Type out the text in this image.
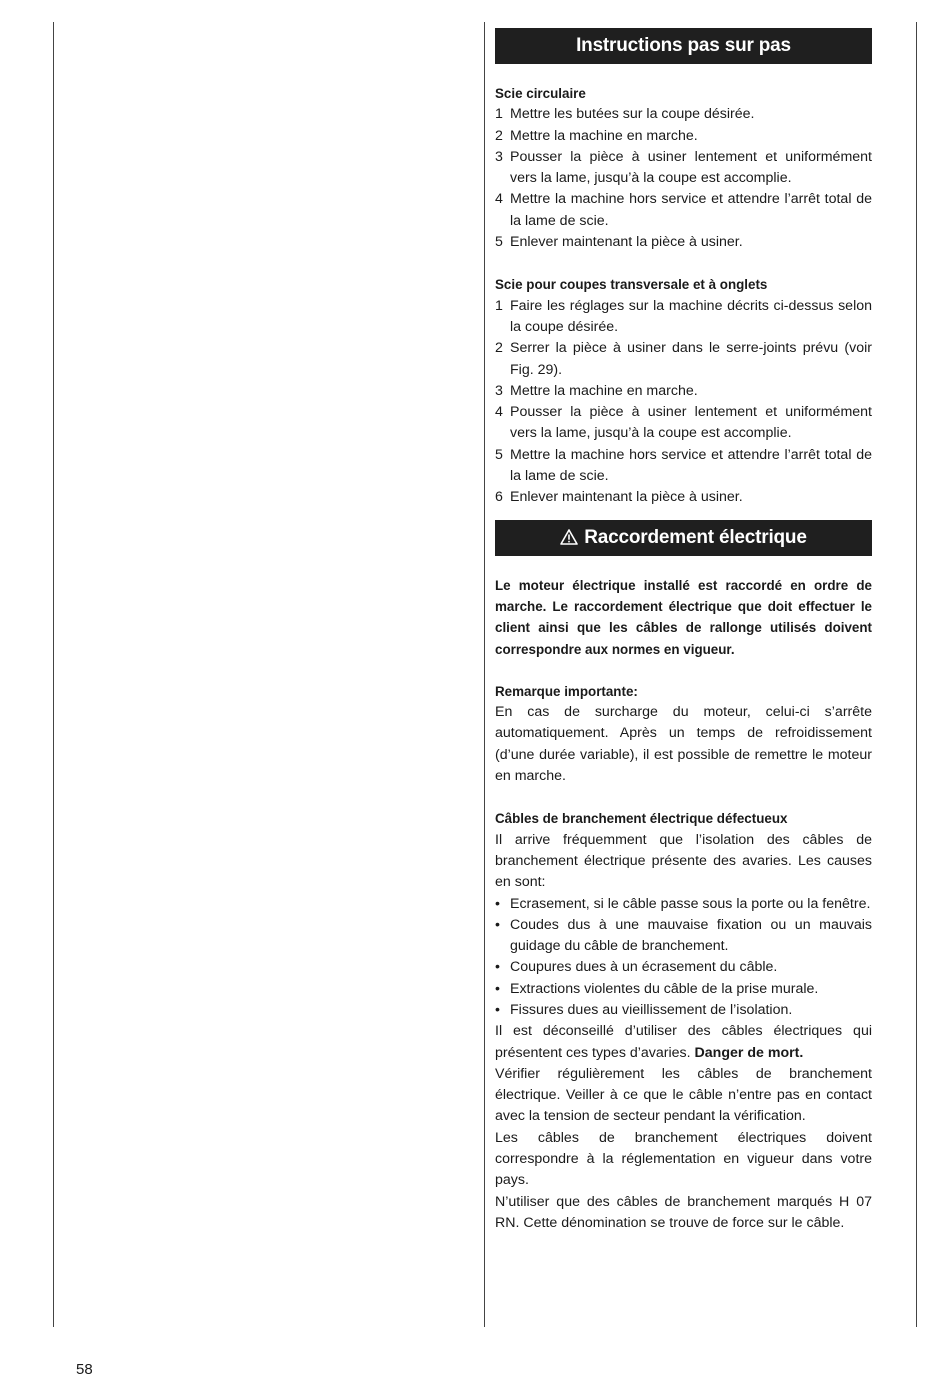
Instructions pas sur pas
Scie circulaire
1 Mettre les butées sur la coupe désirée.
2 Mettre la machine en marche.
3 Pousser la pièce à usiner lentement et uniformément vers la lame, jusqu’à la coupe est accomplie.
4 Mettre la machine hors service et attendre l’arrêt total de la lame de scie.
5 Enlever maintenant la pièce à usiner.
Scie pour coupes transversale et à onglets
1 Faire les réglages sur la machine décrits ci-dessus selon la coupe désirée.
2 Serrer la pièce à usiner dans le serre-joints prévu (voir Fig. 29).
3 Mettre la machine en marche.
4 Pousser la pièce à usiner lentement et uniformément vers la lame, jusqu’à la coupe est accomplie.
5 Mettre la machine hors service et attendre l’arrêt total de la lame de scie.
6 Enlever maintenant la pièce à usiner.
Raccordement électrique
Le moteur électrique installé est raccordé en ordre de marche. Le raccordement électrique que doit effectuer le client ainsi que les câbles de rallonge utilisés doivent correspondre aux normes en vigueur.
Remarque importante:
En cas de surcharge du moteur, celui-ci s’arrête automatiquement. Après un temps de refroidissement (d’une durée variable), il est possible de remettre le moteur en marche.
Câbles de branchement électrique défectueux
Il arrive fréquemment que l’isolation des câbles de branchement électrique présente des avaries. Les causes en sont:
• Ecrasement, si le câble passe sous la porte ou la fenêtre.
• Coudes dus à une mauvaise fixation ou un mauvais guidage du câble de branchement.
• Coupures dues à un écrasement du câble.
• Extractions violentes du câble de la prise murale.
• Fissures dues au vieillissement de l’isolation.
Il est déconseillé d’utiliser des câbles électriques qui présentent ces types d’avaries. Danger de mort.
Vérifier régulièrement les câbles de branchement électrique. Veiller à ce que le câble n’entre pas en contact avec la tension de secteur pendant la vérification.
Les câbles de branchement électriques doivent correspondre à la réglementation en vigueur dans votre pays.
N’utiliser que des câbles de branchement marqués H 07 RN. Cette dénomination se trouve de force sur le câble.
58
